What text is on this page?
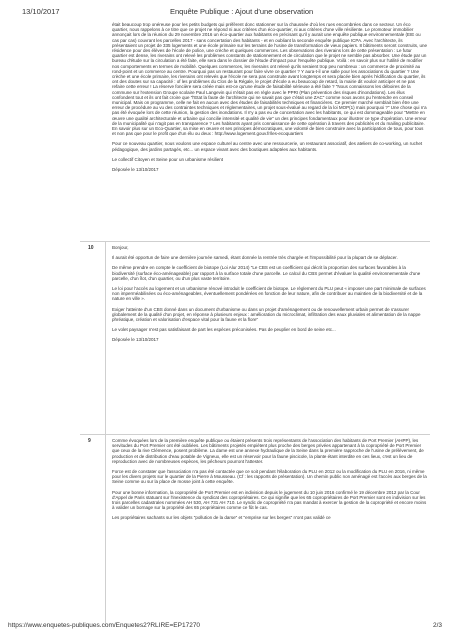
13/10/2017	Enquête Publique : Ajout d'une observation

était beaucoup trop onéreuse pour les petits budgets qui préfèrent donc stationner sur la chaussée d'où les rues encombrées dans ce secteur. Un éco quartier, nous rappelons à ce titre que ce projet ne répond ni aux critères d'un éco-quartier, ni aux critères d'une ville résiliente. Le promoteur immobilier annonçait lors de la réunion du 29 novembre 2016 un éco-quartier aux habitants en précisant qu'il y aurait une enquête publique environnementale (EIE ou cas par cas) couvrant les parcelles 2017 - sans concertation des habitants - et en oubliant la seconde enquête publique ICPA. Avec l'architecte, ils présentaient un projet de 335 logements et une école primaire sur les terrains de l'usine de transformation de vieux papiers. 8 bâtiments seront construits, une résidence pour des élèves de l'école de police, une crèche et quelques commerces. Les observations des riverains lors de cette présentation : Le futur quartier est dense, les riverains ont relevé les problèmes constants de stationnement et de circulation que le projet ne semble pas absorber. Une étude par un bureau d'étude sur la circulation a été faite, elle sera dans le dossier de l'étude d'impact pour l'enquête publique. Voilà : en savoir plus sur l'utilité de modifier nos comportements en termes de mobilité. Quelques commerces, les riverains ont relevé qu'ils seraient trop peu nombreux : un commerce de proximité au rond-point et un commerce au centre. Pourquoi pas un restaurant pour faire vivre ce quartier ? Y aura-t-il une salle pour les associations du quartier ? Une crèche et une école primaire, les riverains ont relevés que l'école ne sera pas construite avant longtemps et sera placée bien après l'édification du quartier, ils ont des doutes sur sa capacité : of les problèmes du Clos de la Régale, le projet d'école a eu beaucoup de retard, la mairie dit vouloir anticiper et ne pas refaire cette erreur ! La réserve foncière sera créée mais est-ce qu'une étude de faisabilité sérieuse a été faite ? "Nous connaissons les déboires de la commune sur l'extension Groupe scolaire Paul Langevin qui n'était pas en règle avec le PPRI (Plan prévention des risques d'inondations). Les élus confondent tout et ils ont fait croire que "l'Etat la faute de l'architecte qui ne savait pas que c'était une ZAC" comme nous avons pu l'entendre en conseil municipal. Mais on programme, celle ne fait en aucun avec des études de faisabilités techniques et financières. Ce premier marché semblait bien être une erreur de procédure au vu des contraintes techniques et réglementaires, un projet sous-évalué au regard de la loi MOP(1) mais pourquoi ?" Une chose qui n'a pas été évoquée lors de cette réunion, la gestion des inondations. Il n'y a pas eu de concertation avec les habitants, ce qui est dommageable pour "Mettre en œuvre une qualité architecturale et urbaine qui concilie intensité et qualité de vie" un des principes fondamentaux pour illustrer ce type d'opération. Une erreur de la municipalité qui n'agit pas en transparence ? Les habitants ayant pris connaissance de cette opération à travers des publicités et du mailing publicitaire. En savoir plus sur un Eco-Quartier, sa mise en œuvre et ses principes démocratiques, une volonté de bien construire avec la participation de tous, pour tous et non pas que pour le profit que d'un élu ou deux : http://www.logement.gouv.fr/les-ecoquartiers

Pour ce nouveau quartier, nous voulons une espace culturel au centre avec une ressourcerie, un restaurant associatif, des ateliers de co-working, un ruchet pédagogique, des jardins partagés, etc... un espace vivant avec des boutiques adaptées aux habitants.

Le collectif Citoyen et Seine pour un urbanisme résilient

Déposée le 13/10/2017

10	Bonjour,

Il aurait été opportun de faire une dernière journée samedi, étant donnée la rentrée très chargée et l'impossibilité pour la plupart de se déplacer.

De même prendre en compte le coefficient de biotope (Loi Alur 2014) "Le CBS est un coefficient qui décrit la proportion des surfaces favorables à la biodiversité (surface éco-aménageable) par rapport à la surface totale d'une parcelle. Le calcul du CBS permet d'évaluer la qualité environnementale d'une parcelle, d'un îlot, d'un quartier, ou d'un plus vaste territoire.

Le loi pour l'accès au logement et un urbanisme rénové introduit le coefficient de biotope. Le règlement du PLU peut « imposer une part minimale de surfaces non imperméabilisées ou éco-aménageables, éventuellement pondérées en fonction de leur nature, afin de contribuer au maintien de la biodiversité et de la nature en ville ».

Exiger l'atteinte d'un CBS donné dans un document d'urbanisme ou dans un projet d'aménagement ou de renouvellement urbain permet de s'assurer globalement de la qualité d'un projet, en réponse à plusieurs enjeux : amélioration du microclimat, infiltration des eaux pluviales et alimentation de la nappe phréatique, création et valorisation d'espace vital pour la faune et la flore"

Le volet paysager n'est pas satisfaisant de part les espèces préconisées. Pas de peuplier en bord de seine etc...

Déposée le 13/10/2017

9	Comme évoquées lors de la première enquête publique ou étaient présents trois représentants de l'association des habitants de Port Premier (AHPP), les servitudes du Port Premier ont été oubliées. Les bâtiments projetés empiètent plus proche des berges privées appartenant à la copropriété de Port Premier que ceux de la rive Clémence, posent problème. La dame est une annexe hydraulique de la Seine dans la première rapproche de l'usine de prélèvement, de production et de distribution d'eau potable de Vigneux, elle est un réservoir pour la faune piscicole, la plante étant interdite en ces lieux, c'est un lieu de reproduction avec de nombreuses espèces, les pêcheurs pourront l'attester.

Force est de constater que l'association n'a pas été contactée que ce soit pendant l'élaboration du PLU en 2012 ou la modification du PLU en 2016, ni même pour les divers projets sur le quartier de la Pierre à Mousseau. (Cf : les rapports de présentation). Un chemin public non aménagé est l'accès aux berges de la Seine comme ou sur la place de mosse joint à cette enquête.

Pour une bonne information, la copropriété de Port Premier est en indivision depuis le jugement du 10 juin 2016 confirmé le 19 décembre 2012 par la Cour d'Appel de Paris statuant sur l'inexistence du syndicat des copropriétaires. Ce qui signifie que les 65 copropriétaires de Port Premier sont en indivision sur les trois parcelles cadastrales nommées AH 530, AH 731 AH 710. Le syndic de copropriété n'a pas mandat à exercer la gestion de la copropriété et encore moins à valider un bornage sur la propriété des 65 propriétaires comme ce fût le cas.

Les propriétaires sachants sur les objets "pollution de la darse" et "emprise sur les berges" n'ont pas validé ce

https://www.enquetes-publiques.com/Enquetes2?RLIRE=EP17270	2/3
